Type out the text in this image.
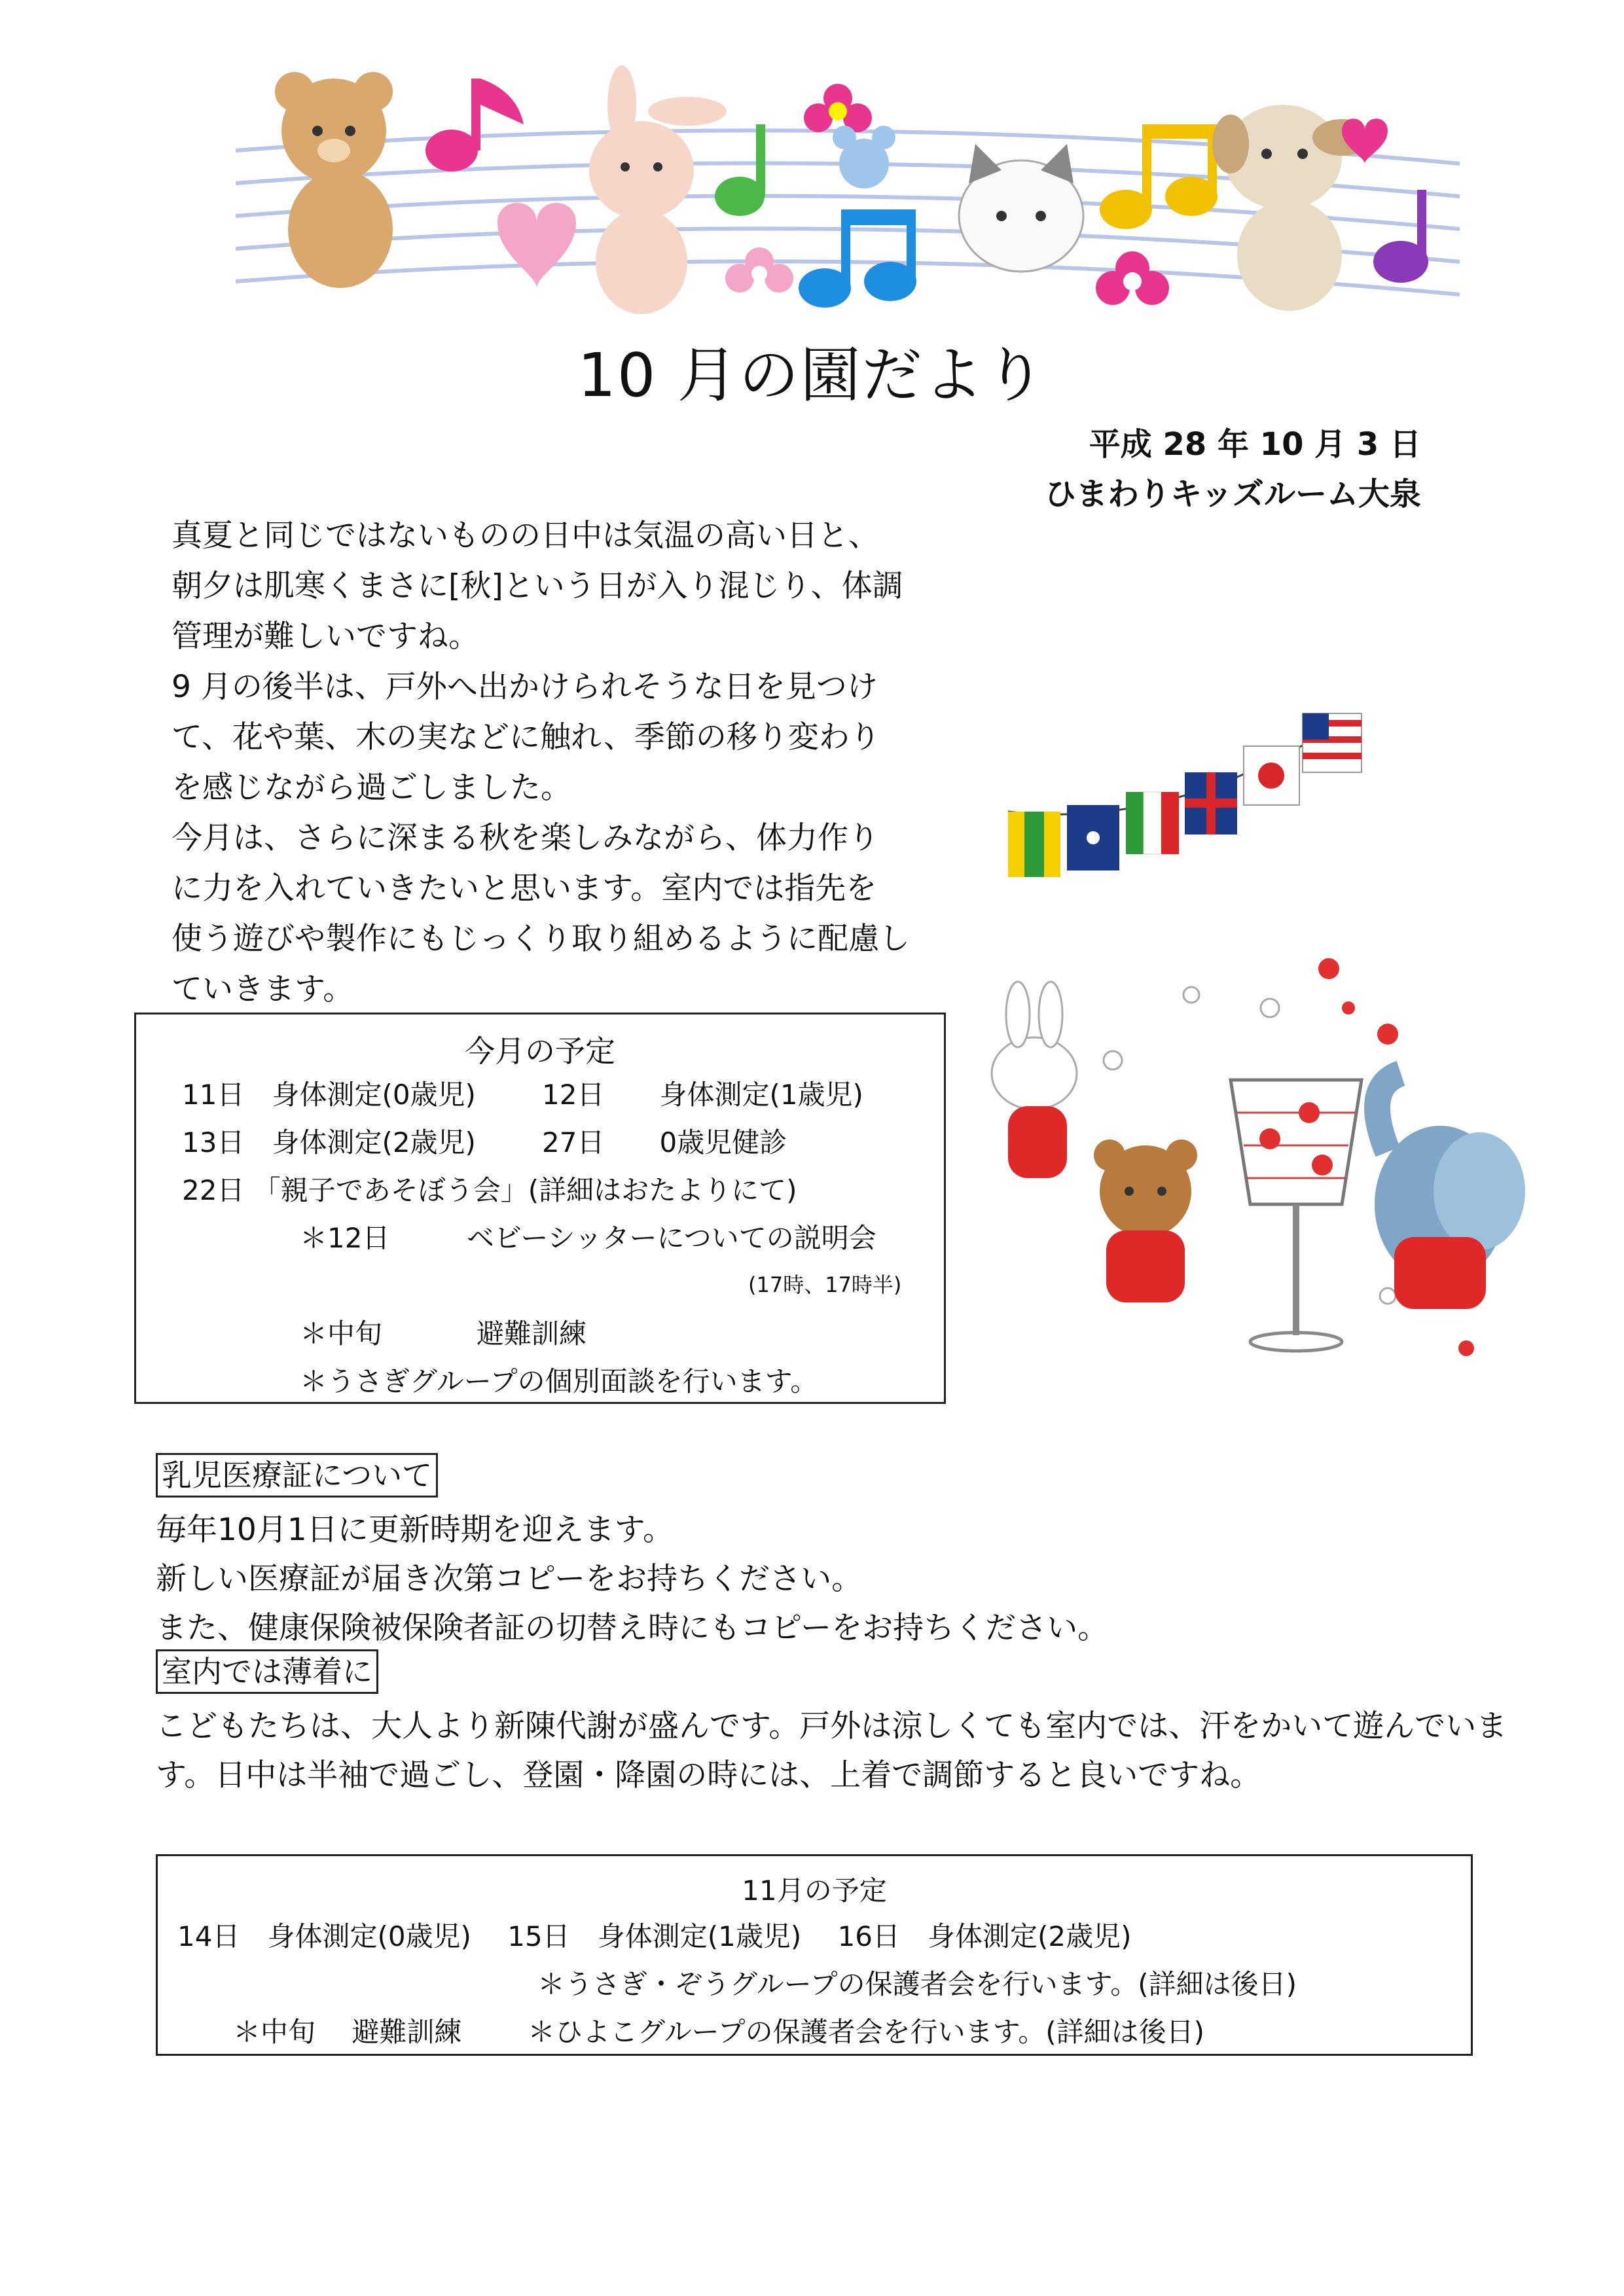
10 月の園だより
平成 28 年 10 月 3 日
ひまわりキッズルーム大泉

真夏と同じではないものの日中は気温の高い日と、

朝夕は肌寒くまさに[秋]という日が入り混じり、体調

管理が難しいですね。

9 月の後半は、戸外へ出かけられそうな日を見つけ

て、花や葉、木の実などに触れ、季節の移り変わり

を感じながら過ごしました。

今月は、さらに深まる秋を楽しみながら、体力作り

に力を入れていきたいと思います。室内では指先を

使う遊びや製作にもじっくり取り組めるように配慮し

ていきます。

今月の予定
11日　身体測定(0歳児) 12日　　身体測定(1歳児)
13日　身体測定(2歳児) 27日　　0歳児健診
22日 「親子であそぼう会」(詳細はおたよりにて)
＊12日	ベビーシッターについての説明会
(17時、17時半)
＊中旬	避難訓練
＊うさぎグループの個別面談を行います。
乳児医療証について
毎年10月1日に更新時期を迎えます。
新しい医療証が届き次第コピーをお持ちください。
また、健康保険被保険者証の切替え時にもコピーをお持ちください。
室内では薄着に
こどもたちは、大人より新陳代謝が盛んです。戸外は涼しくても室内では、汗をかいて遊んでいま
す。日中は半袖で過ごし、登園・降園の時には、上着で調節すると良いですね。
11月の予定
14日　身体測定(0歳児)　 15日　身体測定(1歳児)　 16日　身体測定(2歳児)
＊うさぎ・ぞうグループの保護者会を行います。(詳細は後日)
＊中旬　 避難訓練 ＊ひよこグループの保護者会を行います。(詳細は後日)
